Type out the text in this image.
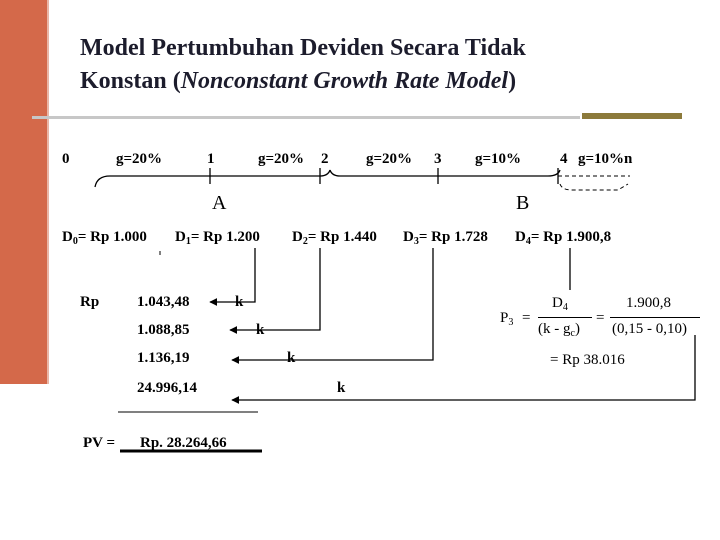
Model Pertumbuhan Deviden Secara Tidak
Konstan (Nonconstant Growth Rate Model)
0	g=20%	1	g=20% 2	g=20% 3 g=10%	4 g=10%n
A	B
$D_0= Rp$ 1.000 $D_1= Rp$ 1.200 $D_2= Rp$ 1.440 $D_3= Rp$ 1.728 $D_4= Rp$ 1.900,8
Rp	1.043,48
1.088,85
1.136,19
24.996,14
k
k
k
k
PV = Rp. 28.264,66
$P_3$ =
$D_4$
$(k - g_c)$
=
1.900,8
(0,15 - 0,10)
= Rp 38.016
